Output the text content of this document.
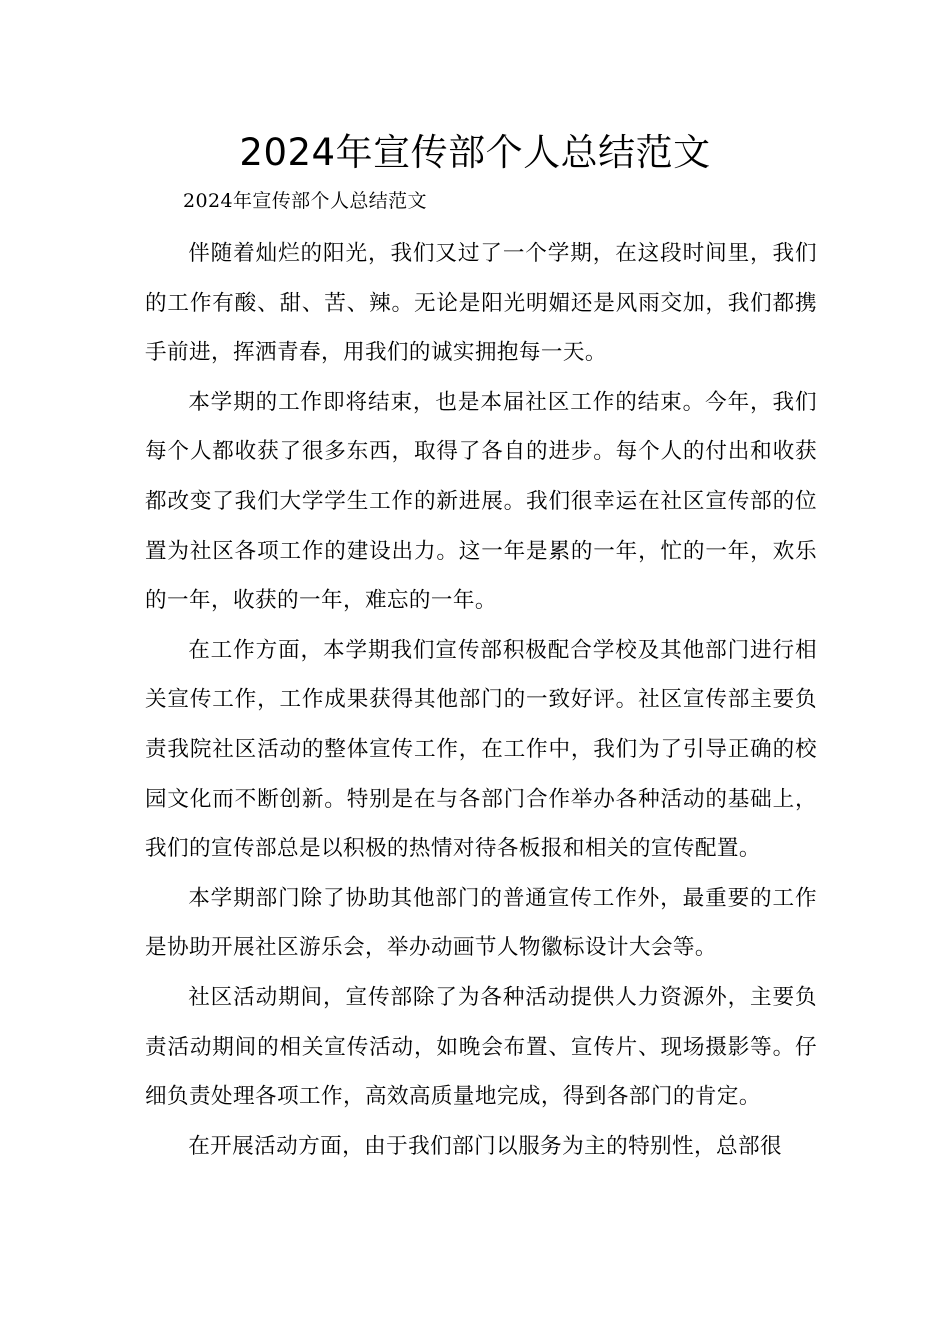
2024年宣传部个人总结范文

2024年宣传部个人总结范文

伴随着灿烂的阳光，我们又过了一个学期，在这段时间里，我们的工作有酸、甜、苦、辣。无论是阳光明媚还是风雨交加，我们都携手前进，挥洒青春，用我们的诚实拥抱每一天。

本学期的工作即将结束，也是本届社区工作的结束。今年，我们每个人都收获了很多东西，取得了各自的进步。每个人的付出和收获都改变了我们大学学生工作的新进展。我们很幸运在社区宣传部的位置为社区各项工作的建设出力。这一年是累的一年，忙的一年，欢乐的一年，收获的一年，难忘的一年。

在工作方面，本学期我们宣传部积极配合学校及其他部门进行相关宣传工作，工作成果获得其他部门的一致好评。社区宣传部主要负责我院社区活动的整体宣传工作，在工作中，我们为了引导正确的校园文化而不断创新。特别是在与各部门合作举办各种活动的基础上，我们的宣传部总是以积极的热情对待各板报和相关的宣传配置。

本学期部门除了协助其他部门的普通宣传工作外，最重要的工作是协助开展社区游乐会，举办动画节人物徽标设计大会等。

社区活动期间，宣传部除了为各种活动提供人力资源外，主要负责活动期间的相关宣传活动，如晚会布置、宣传片、现场摄影等。仔细负责处理各项工作，高效高质量地完成，得到各部门的肯定。

在开展活动方面，由于我们部门以服务为主的特别性，总部很
